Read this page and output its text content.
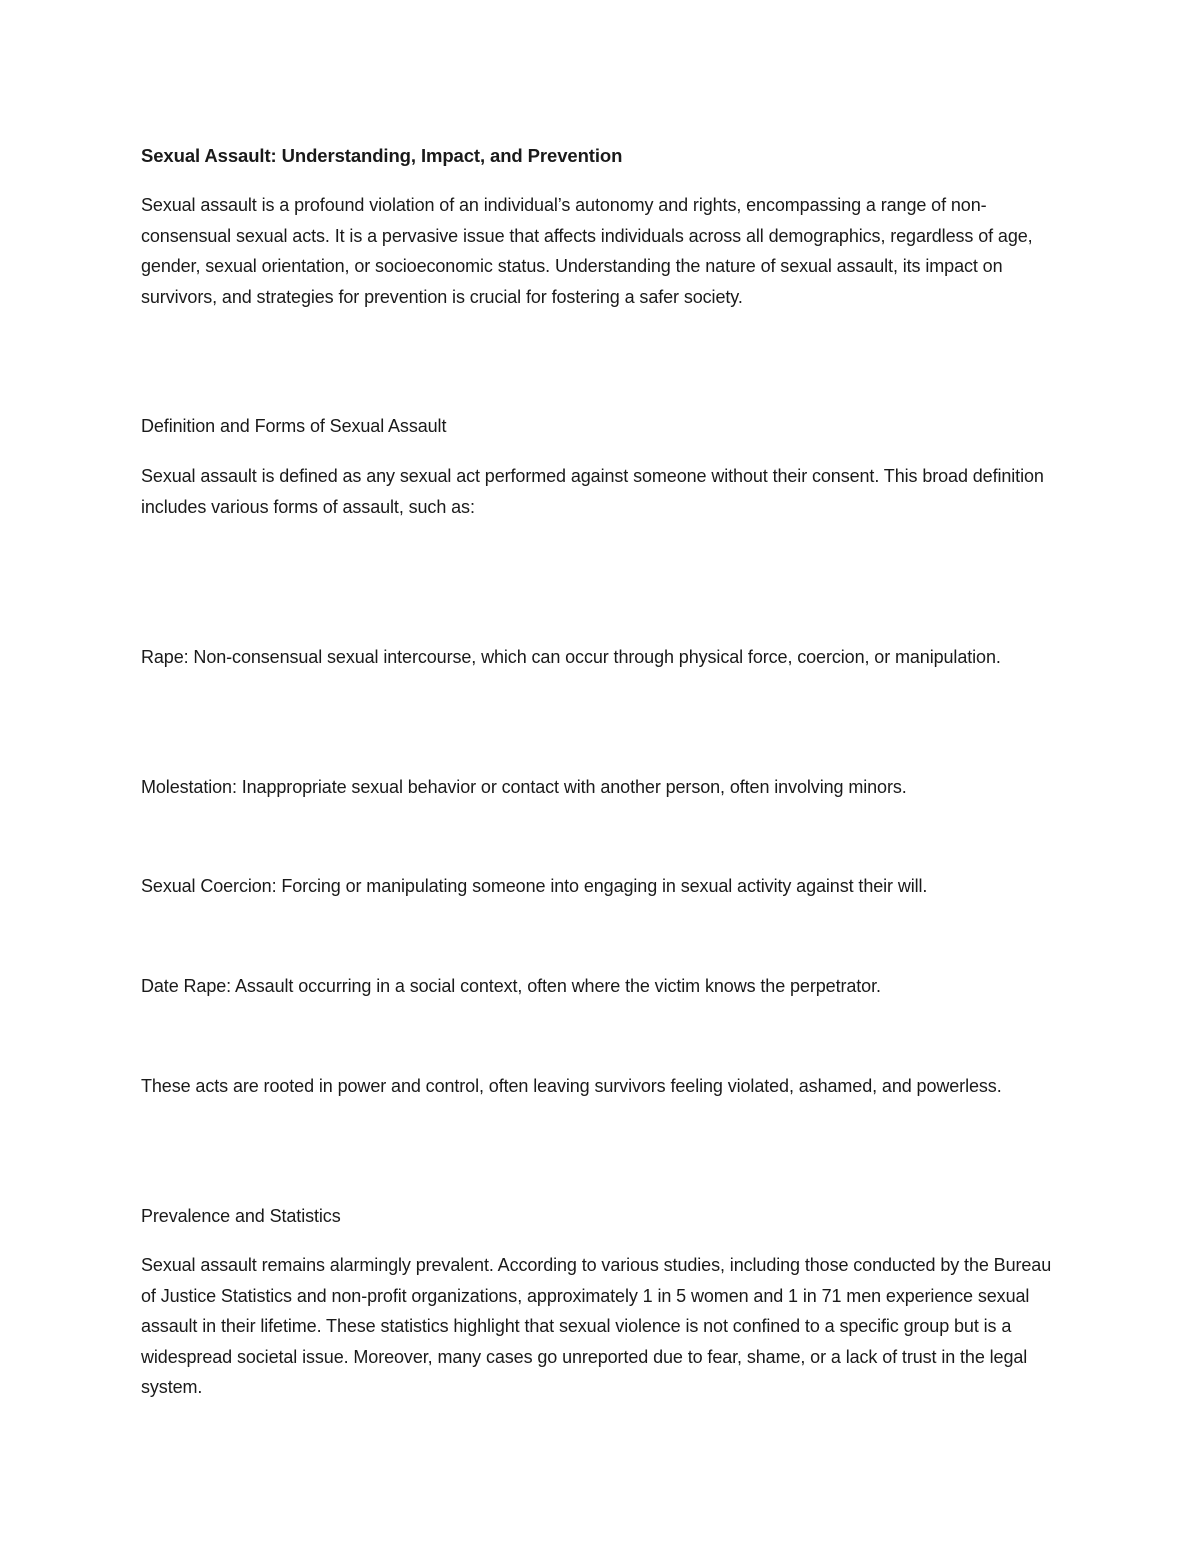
Sexual Assault: Understanding, Impact, and Prevention

Sexual assault is a profound violation of an individual’s autonomy and rights, encompassing a range of non-consensual sexual acts. It is a pervasive issue that affects individuals across all demographics, regardless of age, gender, sexual orientation, or socioeconomic status. Understanding the nature of sexual assault, its impact on survivors, and strategies for prevention is crucial for fostering a safer society.

Definition and Forms of Sexual Assault

Sexual assault is defined as any sexual act performed against someone without their consent. This broad definition includes various forms of assault, such as:

Rape: Non-consensual sexual intercourse, which can occur through physical force, coercion, or manipulation.

Molestation: Inappropriate sexual behavior or contact with another person, often involving minors.

Sexual Coercion: Forcing or manipulating someone into engaging in sexual activity against their will.

Date Rape: Assault occurring in a social context, often where the victim knows the perpetrator.

These acts are rooted in power and control, often leaving survivors feeling violated, ashamed, and powerless.

Prevalence and Statistics

Sexual assault remains alarmingly prevalent. According to various studies, including those conducted by the Bureau of Justice Statistics and non-profit organizations, approximately 1 in 5 women and 1 in 71 men experience sexual assault in their lifetime. These statistics highlight that sexual violence is not confined to a specific group but is a widespread societal issue. Moreover, many cases go unreported due to fear, shame, or a lack of trust in the legal system.
